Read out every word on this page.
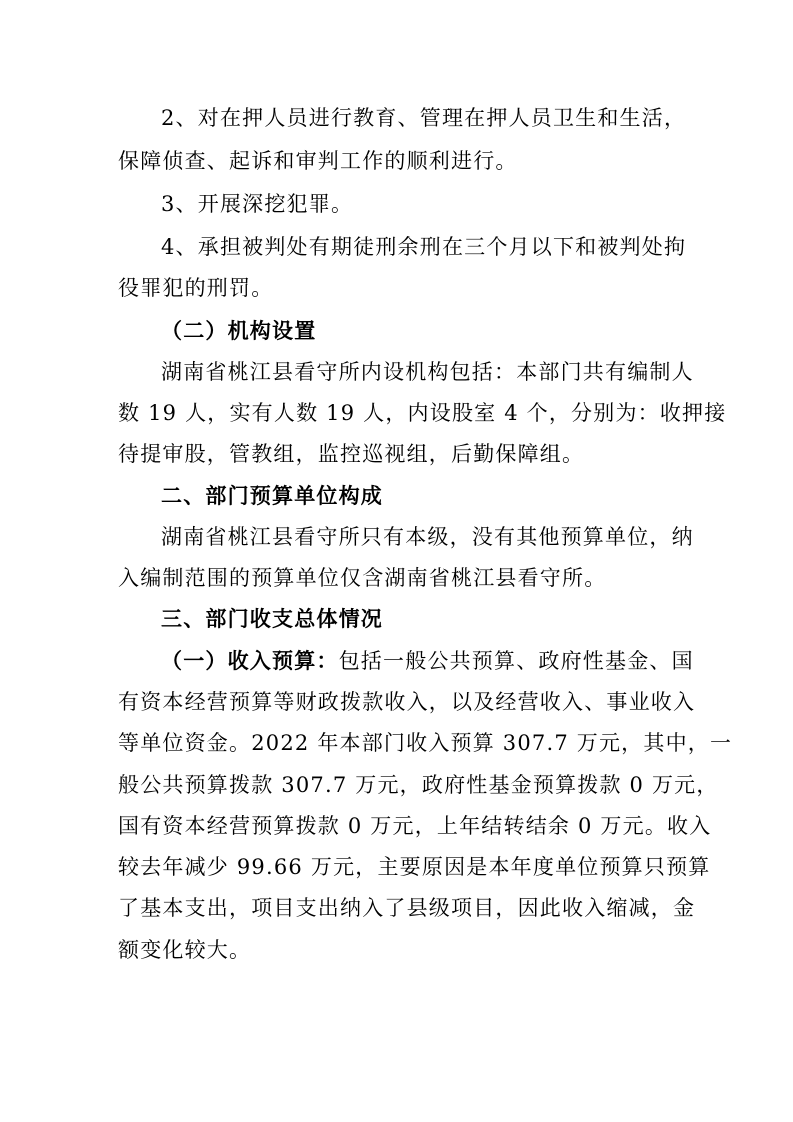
2、对在押人员进行教育、管理在押人员卫生和生活，
保障侦查、起诉和审判工作的顺利进行。
3、开展深挖犯罪。
4、承担被判处有期徒刑余刑在三个月以下和被判处拘
役罪犯的刑罚。
（二）机构设置
湖南省桃江县看守所内设机构包括：本部门共有编制人
数 19 人，实有人数 19 人，内设股室 4 个，分别为：收押接
待提审股，管教组，监控巡视组，后勤保障组。
二、部门预算单位构成
湖南省桃江县看守所只有本级，没有其他预算单位，纳
入编制范围的预算单位仅含湖南省桃江县看守所。
三、部门收支总体情况
（一）收入预算：包括一般公共预算、政府性基金、国
有资本经营预算等财政拨款收入，以及经营收入、事业收入
等单位资金。2022 年本部门收入预算 307.7 万元，其中，一
般公共预算拨款 307.7 万元，政府性基金预算拨款 0 万元，
国有资本经营预算拨款 0 万元，上年结转结余 0 万元。收入
较去年减少 99.66 万元，主要原因是本年度单位预算只预算
了基本支出，项目支出纳入了县级项目，因此收入缩减，金
额变化较大。
